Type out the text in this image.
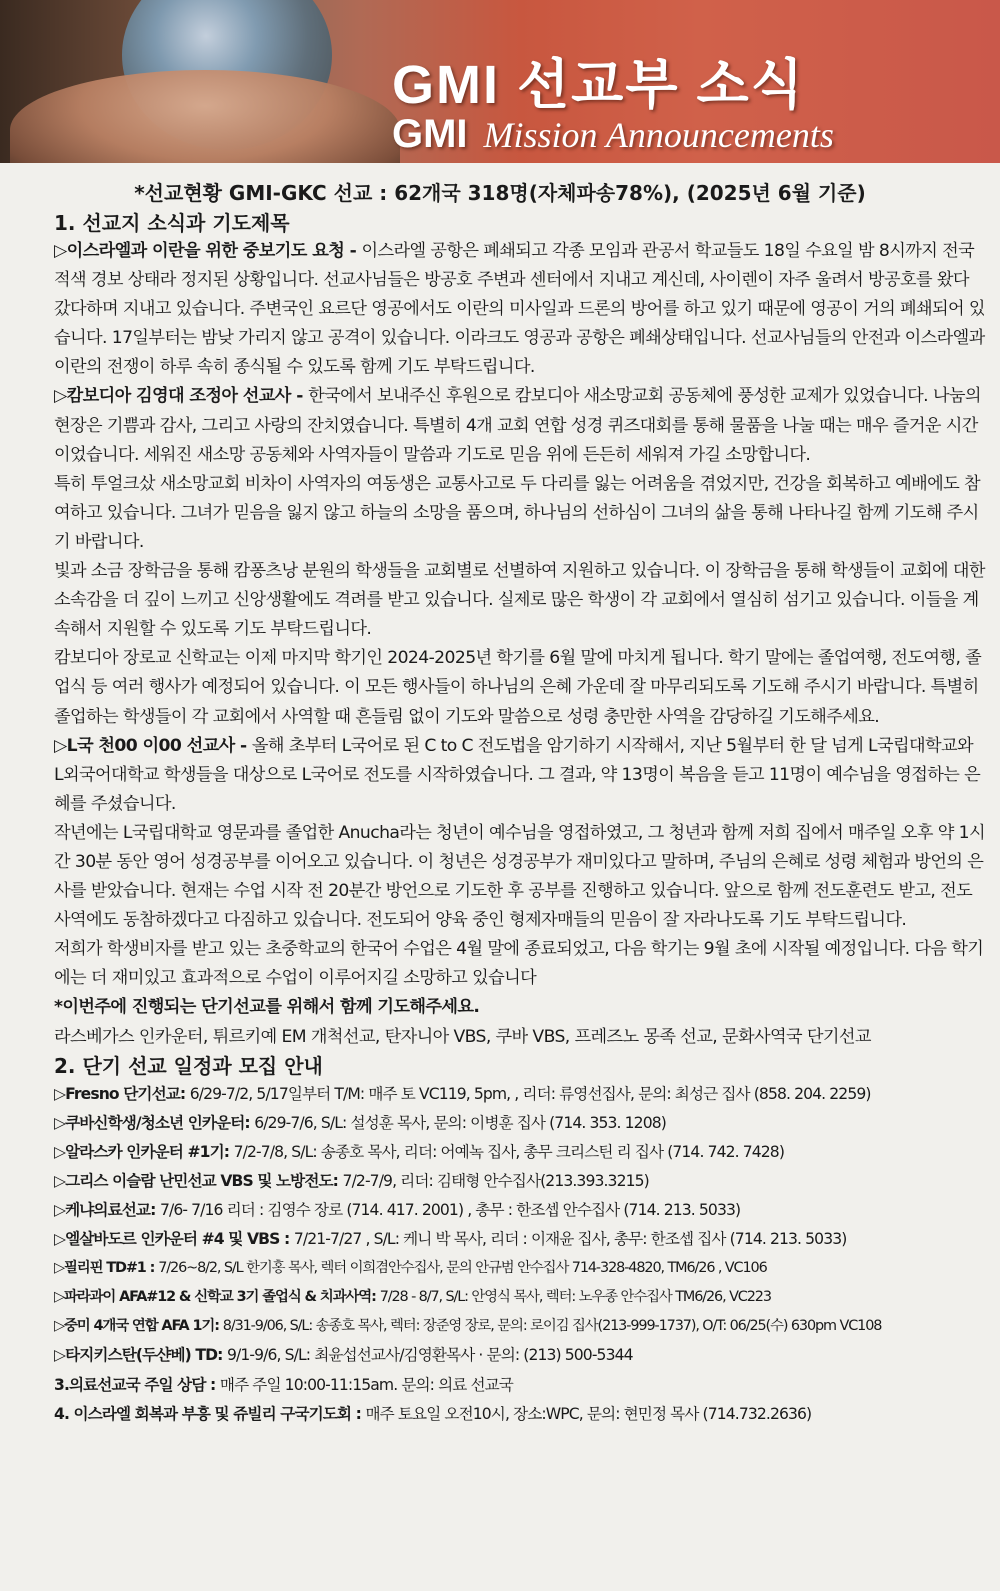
GMI 선교부 소식
GMI Mission Announcements
*선교현황 GMI-GKC 선교 : 62개국 318명(자체파송78%), (2025년 6월 기준)
1. 선교지 소식과 기도제목

▷이스라엘과 이란을 위한 중보기도 요청 - 이스라엘 공항은 폐쇄되고 각종 모임과 관공서 학교들도 18일 수요일 밤 8시까지 전국 적색 경보 상태라 정지된 상황입니다. 선교사님들은 방공호 주변과 센터에서 지내고 계신데, 사이렌이 자주 울려서 방공호를 왔다 갔다하며 지내고 있습니다. 주변국인 요르단 영공에서도 이란의 미사일과 드론의 방어를 하고 있기 때문에 영공이 거의 폐쇄되어 있습니다. 17일부터는 밤낮 가리지 않고 공격이 있습니다. 이라크도 영공과 공항은 폐쇄상태입니다. 선교사님들의 안전과 이스라엘과 이란의 전쟁이 하루 속히 종식될 수 있도록 함께 기도 부탁드립니다.

▷캄보디아 김영대 조정아 선교사 - 한국에서 보내주신 후원으로 캄보디아 새소망교회 공동체에 풍성한 교제가 있었습니다. 나눔의 현장은 기쁨과 감사, 그리고 사랑의 잔치였습니다. 특별히 4개 교회 연합 성경 퀴즈대회를 통해 물품을 나눌 때는 매우 즐거운 시간이었습니다. 세워진 새소망 공동체와 사역자들이 말씀과 기도로 믿음 위에 든든히 세워져 가길 소망합니다.

특히 투얼크샀 새소망교회 비차이 사역자의 여동생은 교통사고로 두 다리를 잃는 어려움을 겪었지만, 건강을 회복하고 예배에도 참여하고 있습니다. 그녀가 믿음을 잃지 않고 하늘의 소망을 품으며, 하나님의 선하심이 그녀의 삶을 통해 나타나길 함께 기도해 주시기 바랍니다.

빛과 소금 장학금을 통해 캄퐁츠낭 분원의 학생들을 교회별로 선별하여 지원하고 있습니다. 이 장학금을 통해 학생들이 교회에 대한 소속감을 더 깊이 느끼고 신앙생활에도 격려를 받고 있습니다. 실제로 많은 학생이 각 교회에서 열심히 섬기고 있습니다. 이들을 계속해서 지원할 수 있도록 기도 부탁드립니다.

캄보디아 장로교 신학교는 이제 마지막 학기인 2024-2025년 학기를 6월 말에 마치게 됩니다. 학기 말에는 졸업여행, 전도여행, 졸업식 등 여러 행사가 예정되어 있습니다. 이 모든 행사들이 하나님의 은혜 가운데 잘 마무리되도록 기도해 주시기 바랍니다. 특별히 졸업하는 학생들이 각 교회에서 사역할 때 흔들림 없이 기도와 말씀으로 성령 충만한 사역을 감당하길 기도해주세요.

▷L국 천00 이00 선교사 - 올해 초부터 L국어로 된 C to C 전도법을 암기하기 시작해서, 지난 5월부터 한 달 넘게 L국립대학교와 L외국어대학교 학생들을 대상으로 L국어로 전도를 시작하였습니다. 그 결과, 약 13명이 복음을 듣고 11명이 예수님을 영접하는 은혜를 주셨습니다.

작년에는 L국립대학교 영문과를 졸업한 Anucha라는 청년이 예수님을 영접하였고, 그 청년과 함께 저희 집에서 매주일 오후 약 1시간 30분 동안 영어 성경공부를 이어오고 있습니다. 이 청년은 성경공부가 재미있다고 말하며, 주님의 은혜로 성령 체험과 방언의 은사를 받았습니다. 현재는 수업 시작 전 20분간 방언으로 기도한 후 공부를 진행하고 있습니다. 앞으로 함께 전도훈련도 받고, 전도 사역에도 동참하겠다고 다짐하고 있습니다. 전도되어 양육 중인 형제자매들의 믿음이 잘 자라나도록 기도 부탁드립니다.

저희가 학생비자를 받고 있는 초중학교의 한국어 수업은 4월 말에 종료되었고, 다음 학기는 9월 초에 시작될 예정입니다. 다음 학기에는 더 재미있고 효과적으로 수업이 이루어지길 소망하고 있습니다

*이번주에 진행되는 단기선교를 위해서 함께 기도해주세요.

라스베가스 인카운터, 튀르키예 EM 개척선교, 탄자니아 VBS, 쿠바 VBS, 프레즈노 몽족 선교, 문화사역국 단기선교

2. 단기 선교 일정과 모집 안내

▷Fresno 단기선교: 6/29-7/2, 5/17일부터 T/M: 매주 토 VC119, 5pm, , 리더: 류영선집사, 문의: 최성근 집사 (858. 204. 2259)

▷쿠바신학생/청소년 인카운터: 6/29-7/6, S/L: 설성훈 목사, 문의: 이병훈 집사 (714. 353. 1208)

▷알라스카 인카운터 #1기: 7/2-7/8, S/L: 송종호 목사, 리더: 어예녹 집사, 총무 크리스틴 리 집사 (714. 742. 7428)

▷그리스 이슬람 난민선교 VBS 및 노방전도: 7/2-7/9, 리더: 김태형 안수집사(213.393.3215)

▷케냐의료선교: 7/6- 7/16 리더 : 김영수 장로 (714. 417. 2001) , 총무 : 한조셉 안수집사 (714. 213. 5033)

▷엘살바도르 인카운터 #4 및 VBS : 7/21-7/27 , S/L: 케니 박 목사, 리더 : 이재윤 집사, 총무: 한조셉 집사 (714. 213. 5033)

▷필리핀 TD#1 : 7/26~8/2, S/L 한기홍 목사, 렉터 이희겸안수집사, 문의 안규범 안수집사 714-328-4820, TM6/26 , VC106

▷파라과이 AFA#12 & 신학교 3기 졸업식 & 치과사역: 7/28 - 8/7, S/L: 안영식 목사, 렉터: 노우종 안수집사 TM6/26, VC223

▷중미 4개국 연합 AFA 1기: 8/31-9/06, S/L: 송종호 목사, 렉터: 장준영 장로, 문의: 로이김 집사(213-999-1737), O/T: 06/25(수) 630pm VC108

▷타지키스탄(두샨베) TD: 9/1-9/6, S/L: 최윤섭선교사/김영환목사 · 문의: (213) 500-5344

3.의료선교국 주일 상담 : 매주 주일 10:00-11:15am. 문의: 의료 선교국

4. 이스라엘 회복과 부흥 및 쥬빌리 구국기도회 : 매주 토요일 오전10시, 장소:WPC, 문의: 현민정 목사 (714.732.2636)
